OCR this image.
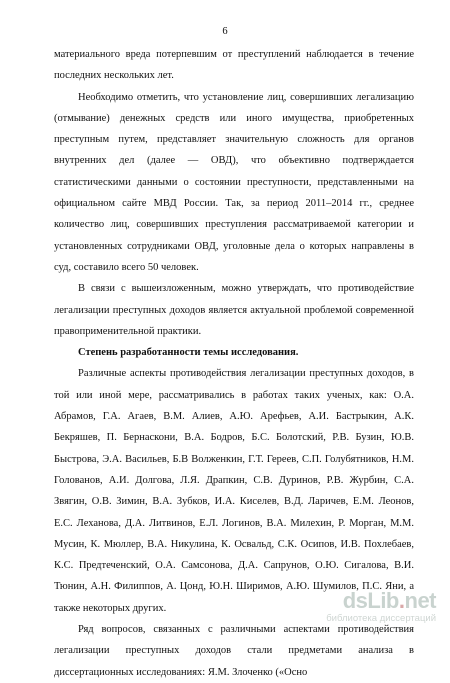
6

материального вреда потерпевшим от преступлений наблюдается в течение последних нескольких лет.

Необходимо отметить, что установление лиц, совершивших легализацию (отмывание) денежных средств или иного имущества, приобретенных преступным путем, представляет значительную сложность для органов внутренних дел (далее — ОВД), что объективно подтверждается статистическими данными о состоянии преступности, представленными на официальном сайте МВД России. Так, за период 2011–2014 гг., среднее количество лиц, совершивших преступления рассматриваемой категории и установленных сотрудниками ОВД, уголовные дела о которых направлены в суд, составило всего 50 человек.

В связи с вышеизложенным, можно утверждать, что противодействие легализации преступных доходов является актуальной проблемой современной правоприменительной практики.

Степень разработанности темы исследования.

Различные аспекты противодействия легализации преступных доходов, в той или иной мере, рассматривались в работах таких ученых, как: О.А. Абрамов, Г.А. Агаев, В.М. Алиев, А.Ю. Арефьев, А.И. Бастрыкин, А.К. Бекряшев, П. Бернаскони, В.А. Бодров, Б.С. Болотский, Р.В. Бузин, Ю.В. Быстрова, Э.А. Васильев, Б.В Волженкин, Г.Т. Гереев, С.П. Голубятников, Н.М. Голованов, А.И. Долгова, Л.Я. Драпкин, С.В. Дуринов, Р.В. Журбин, С.А. Звягин, О.В. Зимин, В.А. Зубков, И.А. Киселев, В.Д. Ларичев, Е.М. Леонов, Е.С. Леханова, Д.А. Литвинов, Е.Л. Логинов, В.А. Милехин, Р. Морган, М.М. Мусин, К. Мюллер, В.А. Никулина, К. Освальд, С.К. Осипов, И.В. Похлебаев, К.С. Предтеченский, О.А. Самсонова, Д.А. Сапрунов, О.Ю. Сигалова, В.И. Тюнин, А.Н. Филиппов, А. Цонд, Ю.Н. Ширимов, А.Ю. Шумилов, П.С. Яни, а также некоторых других.

Ряд вопросов, связанных с различными аспектами противодействия легализации преступных доходов стали предметами анализа в диссертационных исследованиях: Я.М. Злоченко («Осно

dsLib.net
библиотека диссертаций
